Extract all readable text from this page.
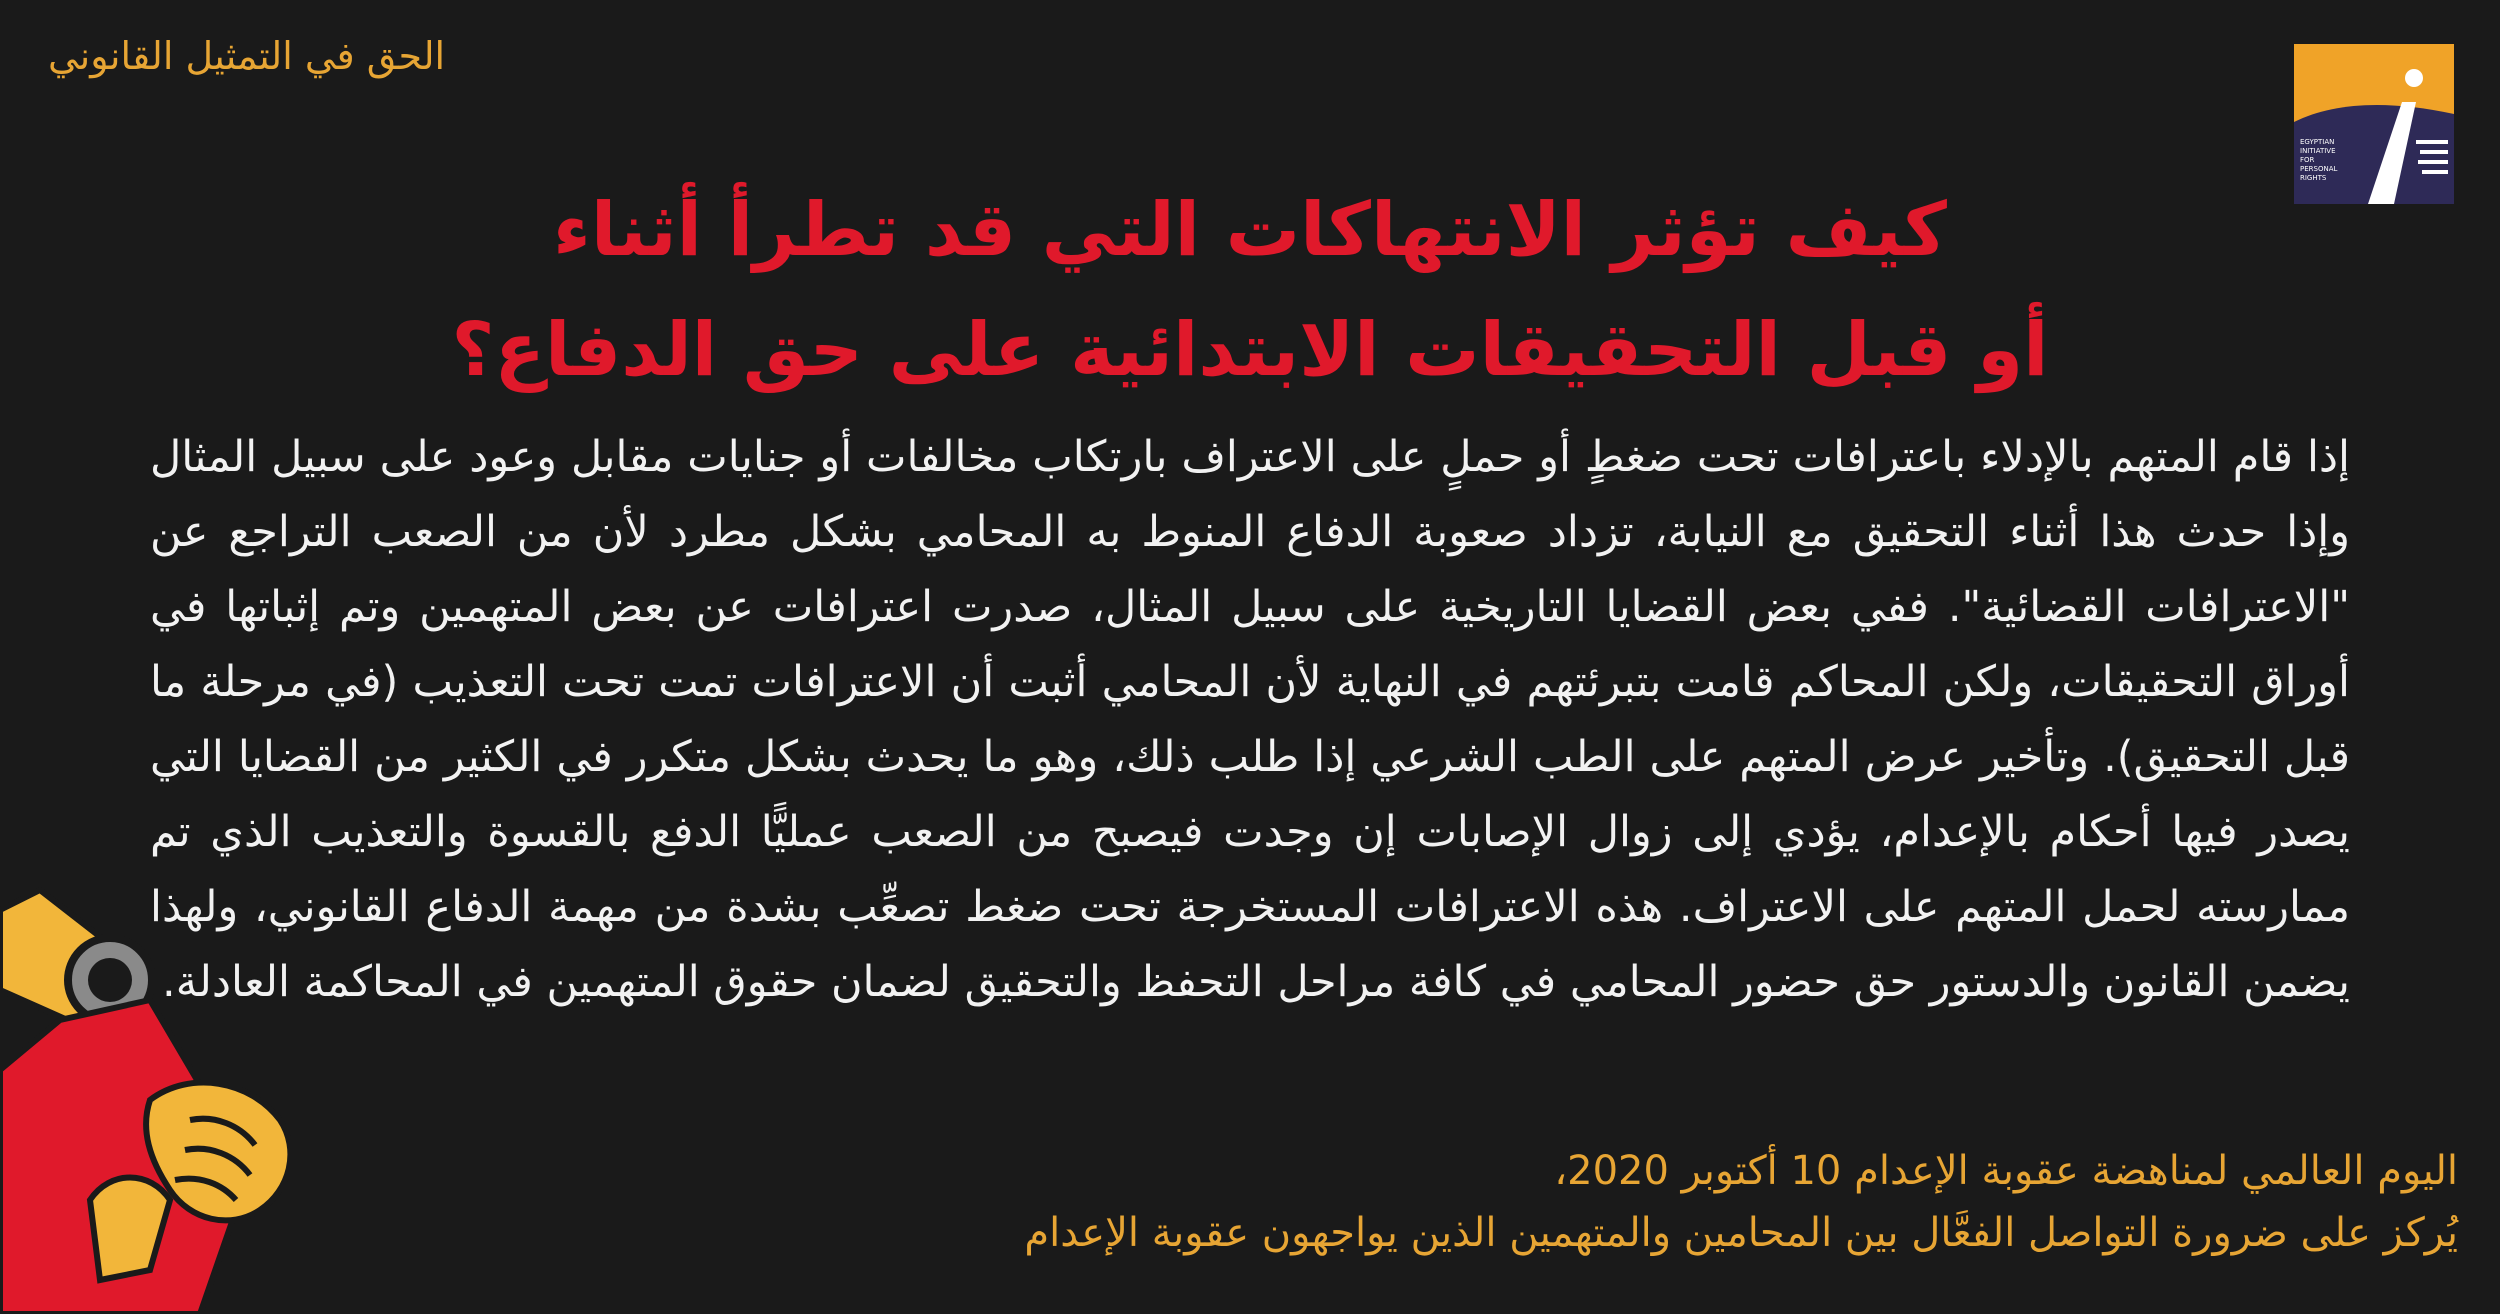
الحق في التمثيل القانوني
EGYPTIAN
INITIATIVE
FOR
PERSONAL
RIGHTS
كيف تؤثر الانتهاكات التي قد تطرأ أثناء
أو قبل التحقيقات الابتدائية على حق الدفاع؟

إذا قام المتهم بالإدلاء باعترافات تحت ضغطٍ أو حملٍ على الاعتراف بارتكاب مخالفات أو جنايات مقابل وعود على سبيل المثال وإذا حدث هذا أثناء التحقيق مع النيابة، تزداد صعوبة الدفاع المنوط به المحامي بشكل مطرد لأن من الصعب التراجع عن "الاعترافات القضائية". ففي بعض القضايا التاريخية على سبيل المثال، صدرت اعترافات عن بعض المتهمين وتم إثباتها في أوراق التحقيقات، ولكن المحاكم قامت بتبرئتهم في النهاية لأن المحامي أثبت أن الاعترافات تمت تحت التعذيب (في مرحلة ما قبل التحقيق). وتأخير عرض المتهم على الطب الشرعي إذا طلب ذلك، وهو ما يحدث بشكل متكرر في الكثير من القضايا التي يصدر فيها أحكام بالإعدام، يؤدي إلى زوال الإصابات إن وجدت فيصبح من الصعب عمليًّا الدفع بالقسوة والتعذيب الذي تم ممارسته لحمل المتهم على الاعتراف. هذه الاعترافات المستخرجة تحت ضغط تصعِّب بشدة من مهمة الدفاع القانوني، ولهذا يضمن القانون والدستور حق حضور المحامي في كافة مراحل التحفظ والتحقيق لضمان حقوق المتهمين في المحاكمة العادلة.

اليوم العالمي لمناهضة عقوبة الإعدام 10 أكتوبر 2020،
يُركز على ضرورة التواصل الفعَّال بين المحامين والمتهمين الذين يواجهون عقوبة الإعدام
